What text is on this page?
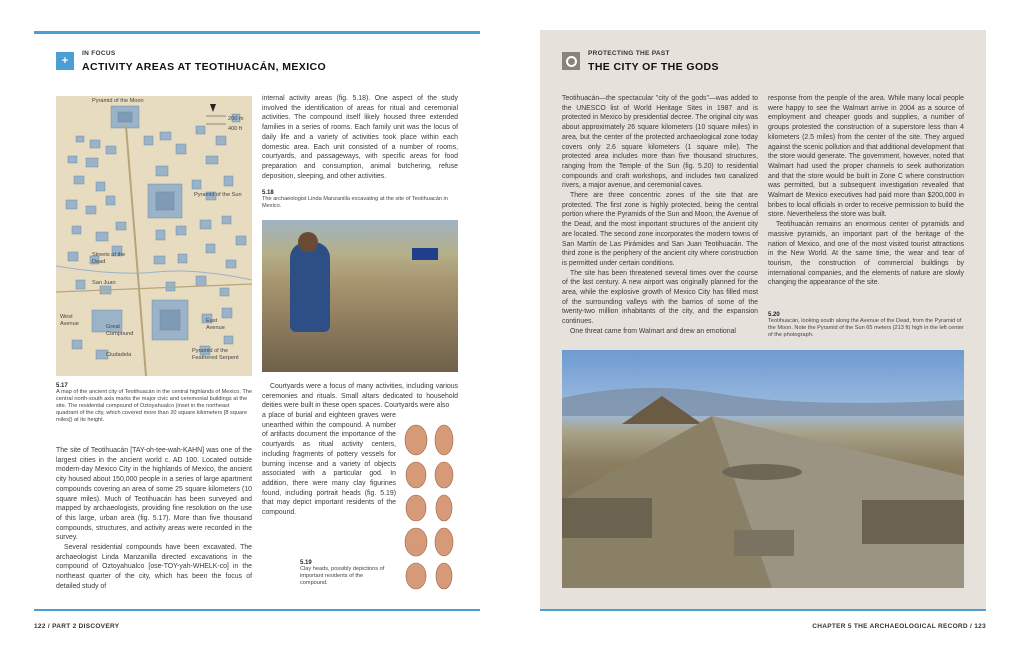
+
IN FOCUS
ACTIVITY AREAS AT TEOTIHUACÁN, MEXICO
Pyramid of the Moon
Pyramid of the Sun
Streets of the Dead
San Juan
West Avenue	Great Compound
East Avenue
Ciudadela
Pyramid of the Feathered Serpent
200 m
400 ft
5.17
A map of the ancient city of Teotihuacán in the central highlands of Mexico. The central north-south axis marks the major civic and ceremonial buildings at the site. The residential compound of Oztoyahualco (inset in the northeast quadrant of the city, which covered more than 20 square kilometers [8 square miles]) at its height.

The site of Teotihuacán [TAY-oh-tee-wah-KAHN] was one of the largest cities in the ancient world c. AD 100. Located outside modern-day Mexico City in the highlands of Mexico, the ancient city housed about 150,000 people in a series of large apartment compounds covering an area of some 25 square kilometers (10 square miles). Much of Teotihuacán has been surveyed and mapped by archaeologists, providing fine resolution on the use of this large, urban area (fig. 5.17). More than five thousand compounds, structures, and activity areas were recorded in the survey.

Several residential compounds have been excavated. The archaeologist Linda Manzanilla directed excavations in the compound of Oztoyahualco [ose-TOY-yah-WHELK-co] in the northeast quarter of the city, which has been the focus of detailed study of

internal activity areas (fig. 5.18). One aspect of the study involved the identification of areas for ritual and ceremonial activities. The compound itself likely housed three extended families in a series of rooms. Each family unit was the locus of daily life and a variety of activities took place within each domestic area. Each unit consisted of a number of rooms, courtyards, and passageways, with specific areas for food preparation and consumption, animal butchering, refuse deposition, sleeping, and other activities.

5.18
The archaeologist Linda Manzanilla excavating at the site of Teotihuacán in Mexico.

Courtyards were a focus of many activities, including various ceremonies and rituals. Small altars dedicated to household deities were built in these open spaces. Courtyards were also

a place of burial and eighteen graves were unearthed within the compound. A number of artifacts document the importance of the courtyards as ritual activity centers, including fragments of pottery vessels for burning incense and a variety of objects associated with a particular god. In addition, there were many clay figurines found, including portrait heads (fig. 5.19) that may depict important residents of the compound.

5.19
Clay heads, possibly depictions of important residents of the compound.
122 / PART 2 DISCOVERY
PROTECTING THE PAST
THE CITY OF THE GODS

Teotihuacán—the spectacular "city of the gods"—was added to the UNESCO list of World Heritage Sites in 1987 and is protected in Mexico by presidential decree. The original city was about approximately 26 square kilometers (10 square miles) in area, but the center of the protected archaeological zone today covers only 2.6 square kilometers (1 square mile). The protected area includes more than five thousand structures, ranging from the Temple of the Sun (fig. 5.20) to residential compounds and craft workshops, and includes two canalized rivers, a major avenue, and ceremonial caves.

There are three concentric zones of the site that are protected. The first zone is highly protected, being the central portion where the Pyramids of the Sun and Moon, the Avenue of the Dead, and the most important structures of the ancient city are located. The second zone incorporates the modern towns of San Martín de Las Pirámides and San Juan Teotihuacán. The third zone is the periphery of the ancient city where construction is permitted under certain conditions.

The site has been threatened several times over the course of the last century. A new airport was originally planned for the area, while the explosive growth of Mexico City has filled most of the surrounding valleys with the barrios of some of the twenty-two million inhabitants of the city, and the expansion continues.

One threat came from Walmart and drew an emotional

response from the people of the area. While many local people were happy to see the Walmart arrive in 2004 as a source of employment and cheaper goods and supplies, a number of groups protested the construction of a superstore less than 4 kilometers (2.5 miles) from the center of the site. They argued against the scenic pollution and that additional development that the store would generate. The government, however, noted that Walmart had used the proper channels to seek authorization and that the store would be built in Zone C where construction was permitted, but a subsequent investigation revealed that Walmart de Mexico executives had paid more than $200,000 in bribes to local officials in order to receive permission to build the store. Nevertheless the store was built.

Teotihuacán remains an enormous center of pyramids and massive pyramids, an important part of the heritage of the nation of Mexico, and one of the most visited tourist attractions in the New World. At the same time, the wear and tear of tourism, the construction of commercial buildings by international companies, and the elements of nature are slowly changing the appearance of the site.

5.20
Teotihuacán, looking south along the Avenue of the Dead, from the Pyramid of the Moon. Note the Pyramid of the Sun 65 meters (213 ft) high in the left center of the photograph.
CHAPTER 5 THE ARCHAEOLOGICAL RECORD / 123
